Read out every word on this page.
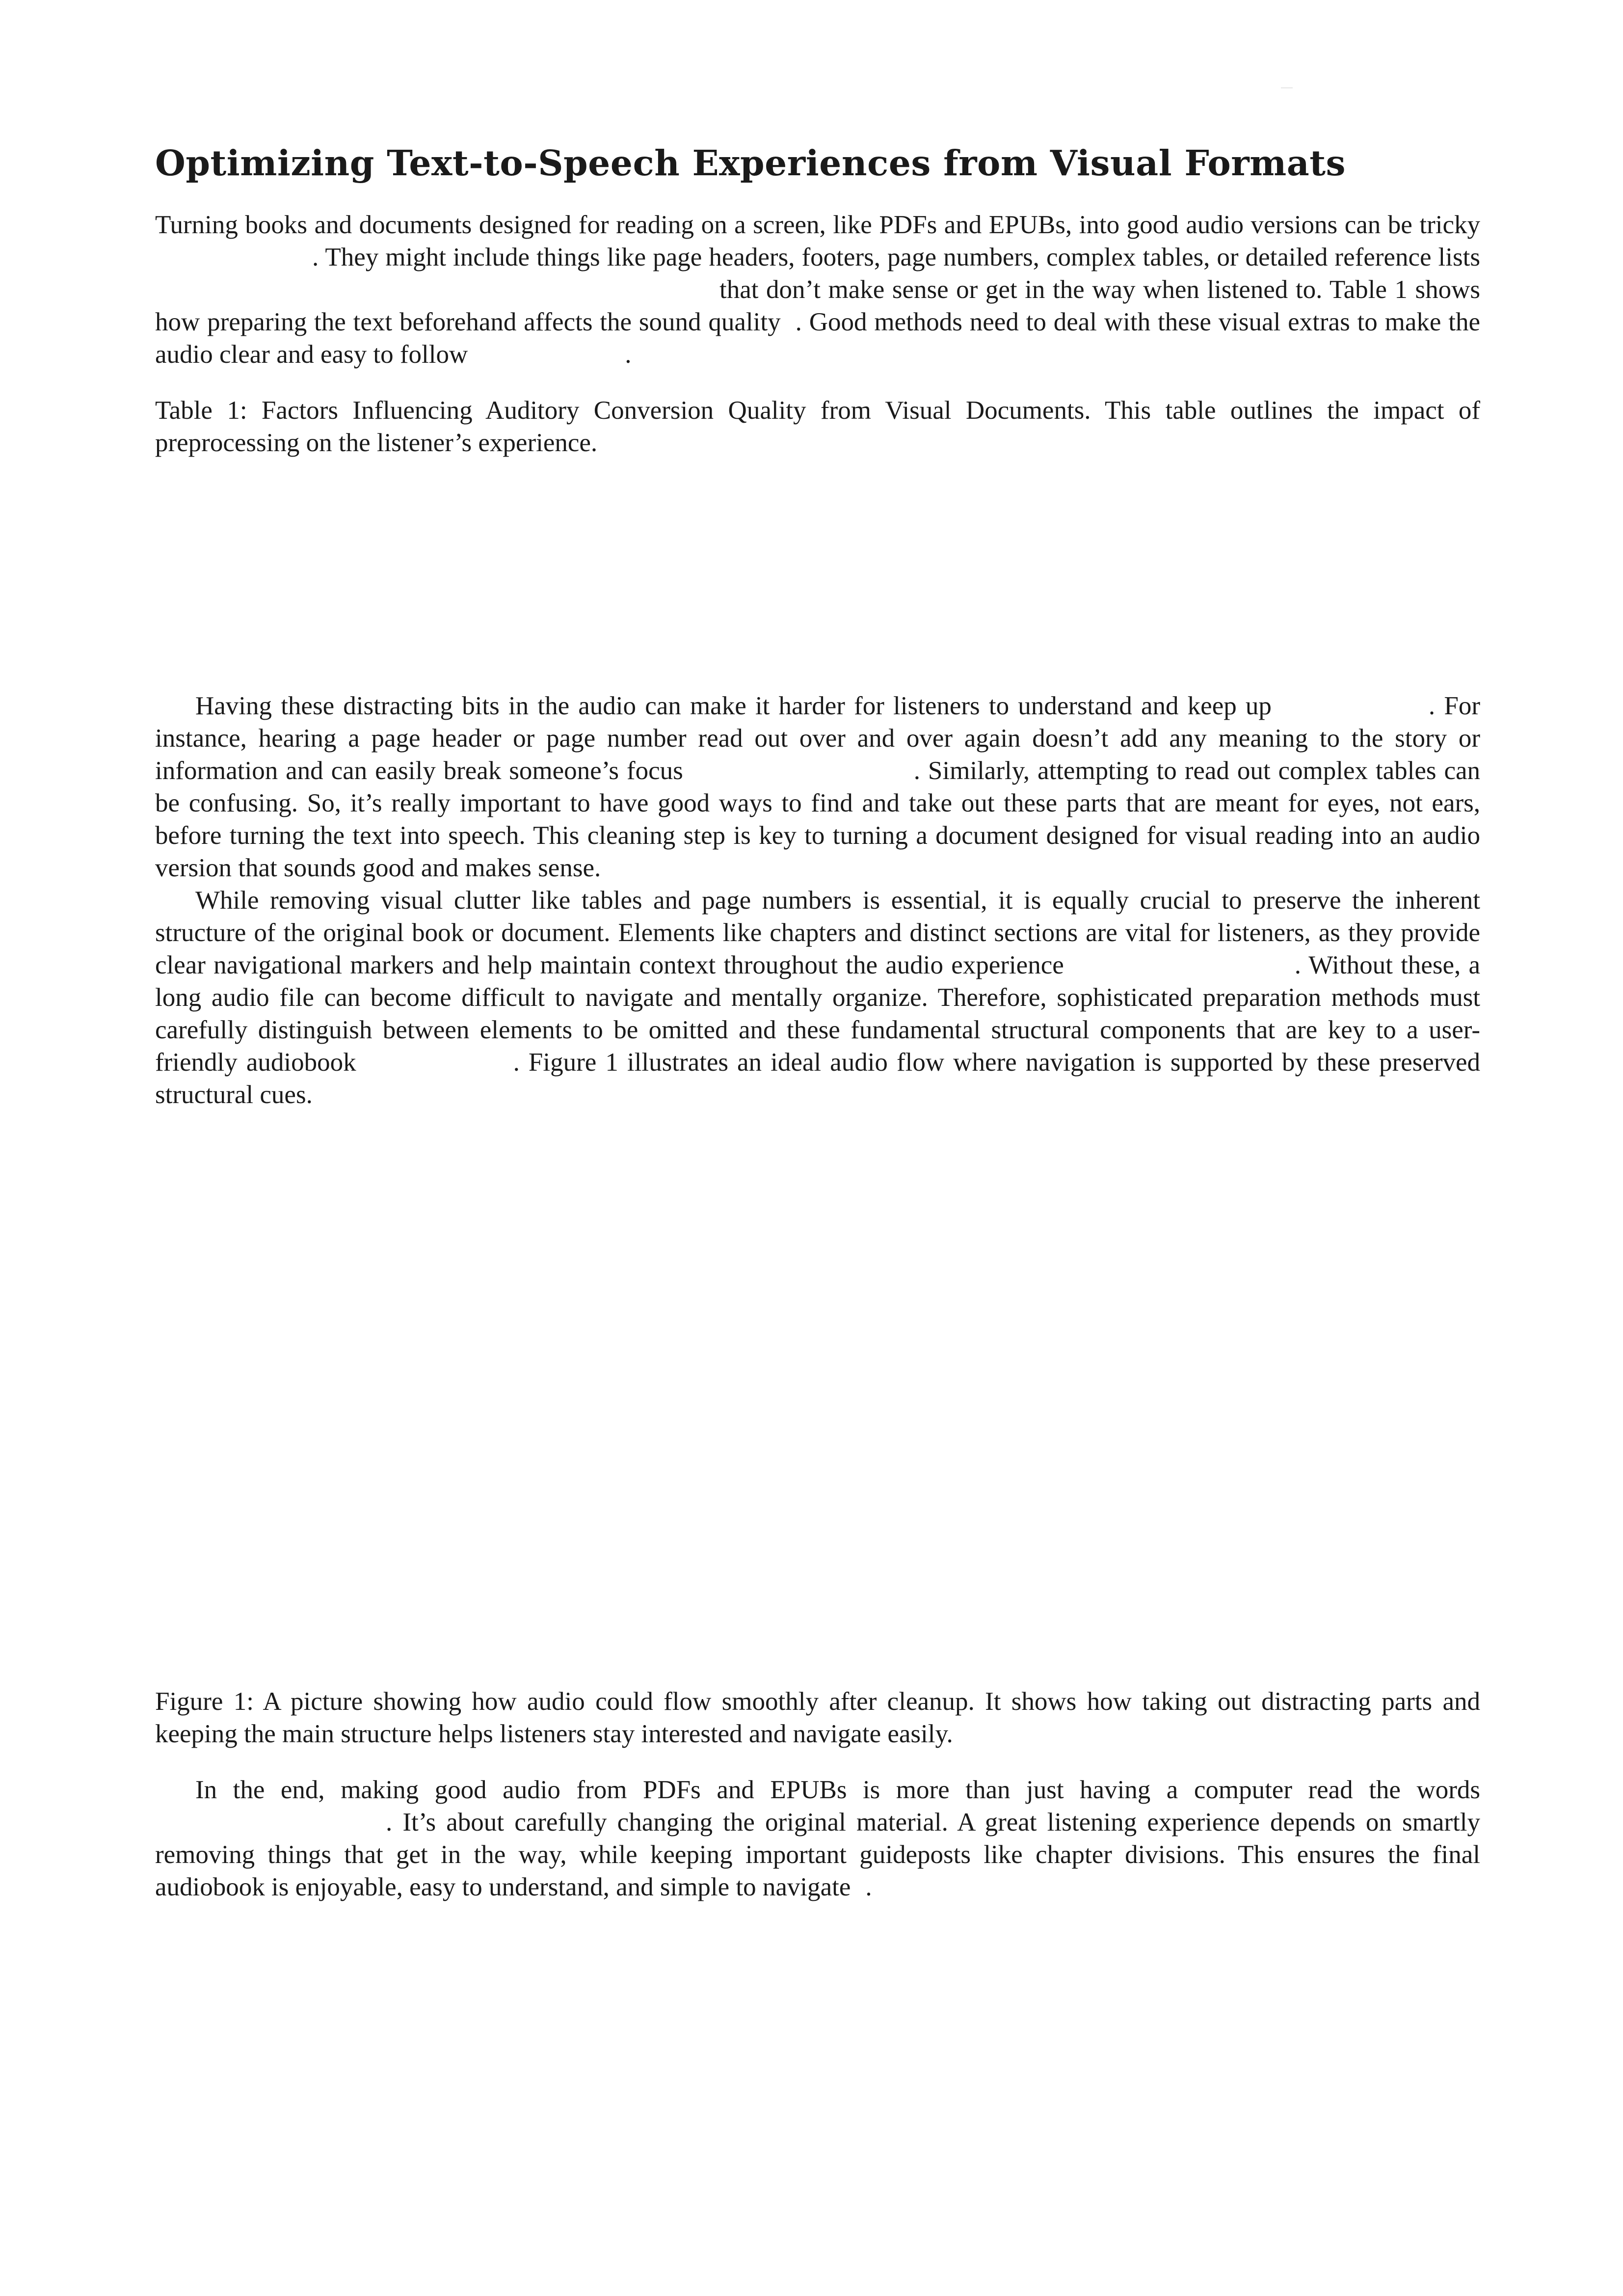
Optimizing Text-to-Speech Experiences from Visual Formats

Turning books and documents designed for reading on a screen, like PDFs and EPUBs, into good audio versions can be tricky. They might include things like page headers, footers, page numbers, complex tables, or detailed reference liststhat don’t make sense or get in the way when listened to. Table 1 shows how preparing the text beforehand affects the sound quality . Good methods need to deal with these visual extras to make the audio clear and easy to follow	.

Table 1: Factors Influencing Auditory Conversion Quality from Visual Documents. This table outlines the impact of preprocessing on the listener’s experience.

Having these distracting bits in the audio can make it harder for listeners to understand and keep up	. For instance, hearing a page header or page number read out over and over again doesn’t add any meaning to the story or information and can easily break someone’s focus	. Similarly, attempting to read out complex tables can be confusing. So, it’s really important to have good ways to find and take out these parts that are meant for eyes, not ears, before turning the text into speech. This cleaning step is key to turning a document designed for visual reading into an audio version that sounds good and makes sense.

While removing visual clutter like tables and page numbers is essential, it is equally crucial to preserve the inherent structure of the original book or document. Elements like chapters and distinct sections are vital for listeners, as they provide clear navigational markers and help maintain context throughout the audio experience	. Without these, a long audio file can become difficult to navigate and mentally organize. Therefore, sophisticated preparation methods must carefully distinguish between elements to be omitted and these fundamental structural components that are key to a user-friendly audiobook	. Figure 1 illustrates an ideal audio flow where navigation is supported by these preserved structural cues.

Figure 1: A picture showing how audio could flow smoothly after cleanup. It shows how taking out distracting parts and keeping the main structure helps listeners stay interested and navigate easily.

In the end, making good audio from PDFs and EPUBs is more than just having a computer read the words. It’s about carefully changing the original material. A great listening experience depends on smartly removing things that get in the way, while keeping important guideposts like chapter divisions. This ensures the final audiobook is enjoyable, easy to understand, and simple to navigate .
